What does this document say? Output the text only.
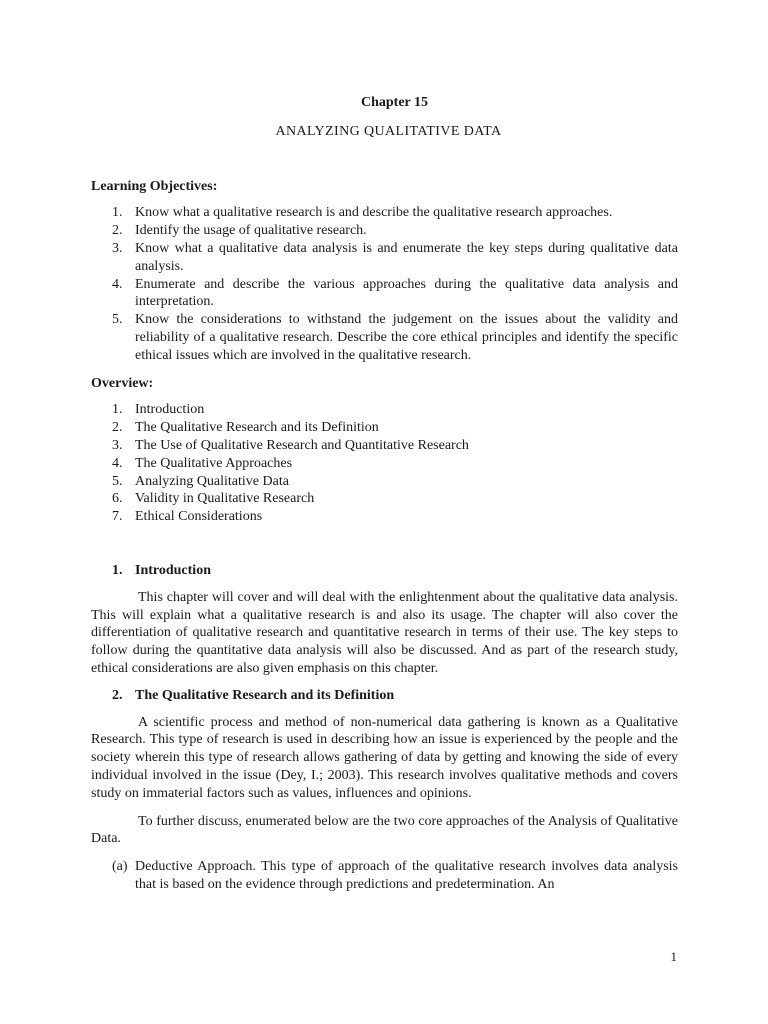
Chapter 15
ANALYZING QUALITATIVE DATA
Learning Objectives:
1. Know what a qualitative research is and describe the qualitative research approaches.
2. Identify the usage of qualitative research.
3. Know what a qualitative data analysis is and enumerate the key steps during qualitative data analysis.
4. Enumerate and describe the various approaches during the qualitative data analysis and interpretation.
5. Know the considerations to withstand the judgement on the issues about the validity and reliability of a qualitative research. Describe the core ethical principles and identify the specific ethical issues which are involved in the qualitative research.
Overview:
1. Introduction
2. The Qualitative Research and its Definition
3. The Use of Qualitative Research and Quantitative Research
4. The Qualitative Approaches
5. Analyzing Qualitative Data
6. Validity in Qualitative Research
7. Ethical Considerations
1. Introduction
This chapter will cover and will deal with the enlightenment about the qualitative data analysis. This will explain what a qualitative research is and also its usage. The chapter will also cover the differentiation of qualitative research and quantitative research in terms of their use. The key steps to follow during the quantitative data analysis will also be discussed. And as part of the research study, ethical considerations are also given emphasis on this chapter.
2. The Qualitative Research and its Definition
A scientific process and method of non-numerical data gathering is known as a Qualitative Research. This type of research is used in describing how an issue is experienced by the people and the society wherein this type of research allows gathering of data by getting and knowing the side of every individual involved in the issue (Dey, I.; 2003). This research involves qualitative methods and covers study on immaterial factors such as values, influences and opinions.
To further discuss, enumerated below are the two core approaches of the Analysis of Qualitative Data.
(a) Deductive Approach. This type of approach of the qualitative research involves data analysis that is based on the evidence through predictions and predetermination. An
1
